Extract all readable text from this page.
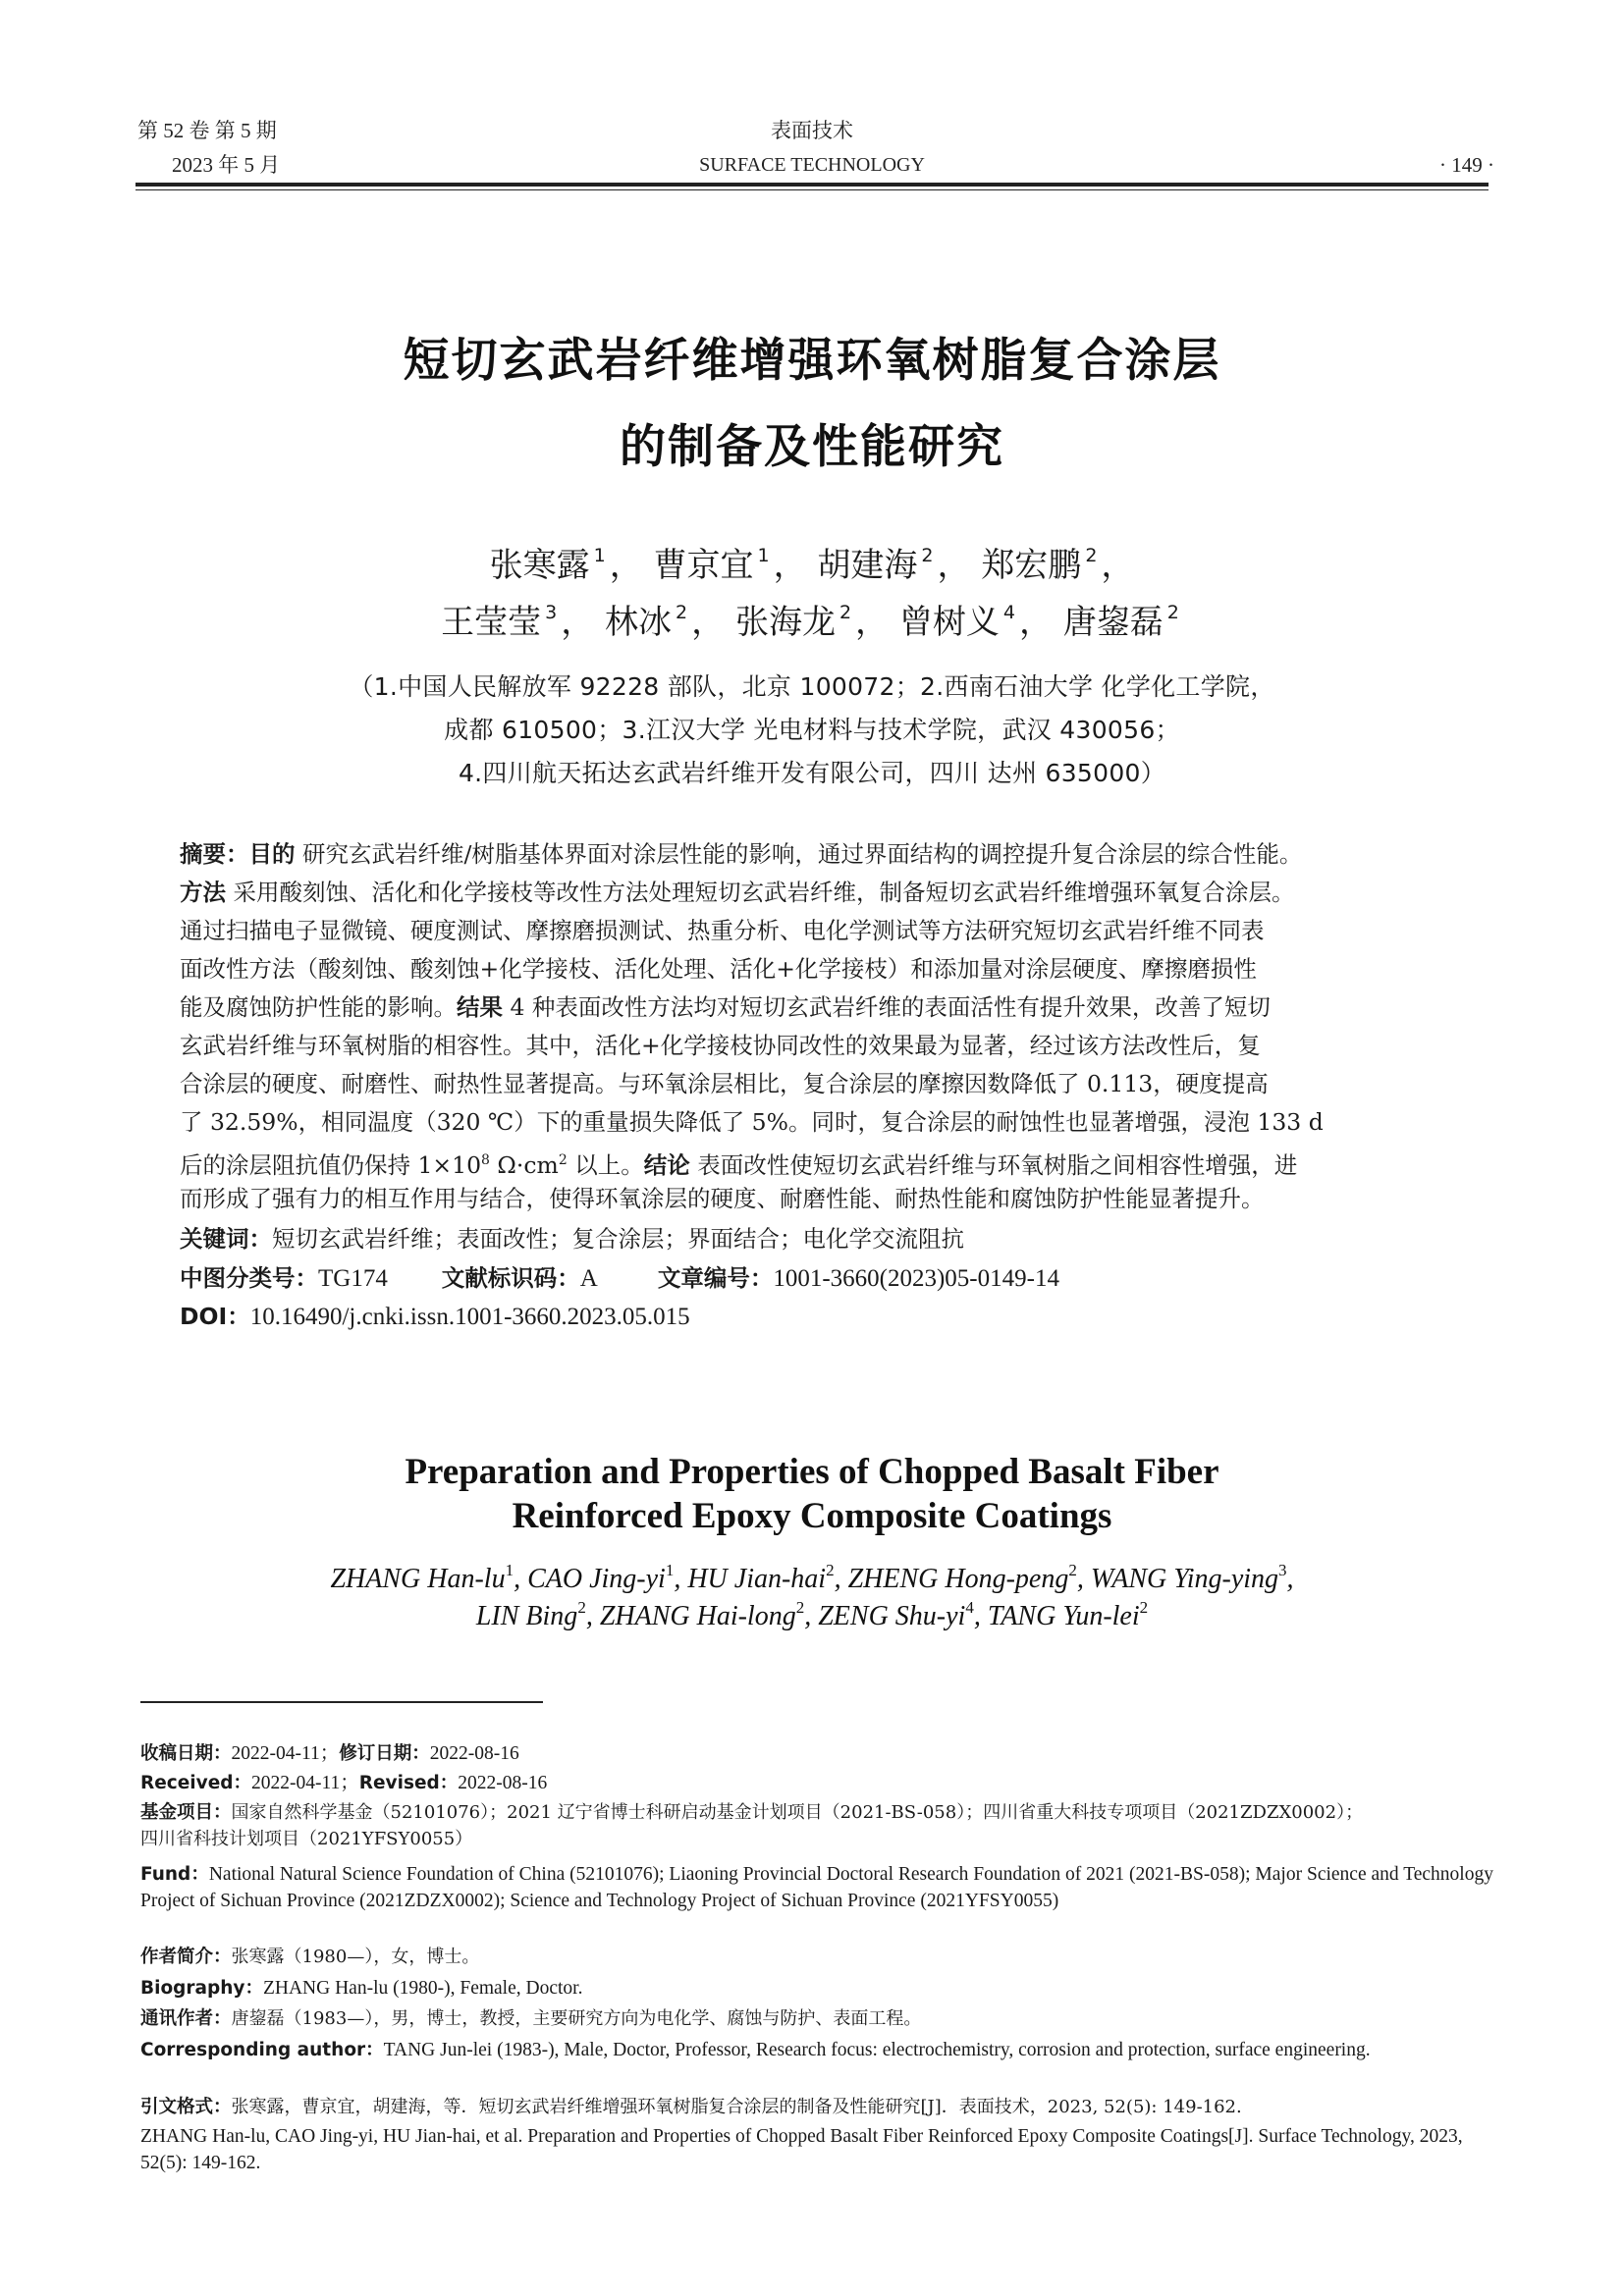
第 52 卷 第 5 期
2023 年 5 月
表面技术
SURFACE TECHNOLOGY	· 149 ·
短切玄武岩纤维增强环氧树脂复合涂层
的制备及性能研究
张寒露 $^1$ ， 曹京宜 $^1$ ， 胡建海 $^2$ ， 郑宏鹏 $^2$ ，
王莹莹 $^3$ ， 林冰 $^2$ ， 张海龙 $^2$ ， 曾树义 $^4$ ， 唐鋆磊 $^2$
（1.中国人民解放军 92228 部队，北京 100072；2.西南石油大学 化学化工学院，
成都 610500；3.江汉大学 光电材料与技术学院，武汉 430056；
4.四川航天拓达玄武岩纤维开发有限公司，四川 达州 635000）
摘要：目的 研究玄武岩纤维/树脂基体界面对涂层性能的影响，通过界面结构的调控提升复合涂层的综合性能。
方法 采用酸刻蚀、活化和化学接枝等改性方法处理短切玄武岩纤维，制备短切玄武岩纤维增强环氧复合涂层。
通过扫描电子显微镜、硬度测试、摩擦磨损测试、热重分析、电化学测试等方法研究短切玄武岩纤维不同表
面改性方法（酸刻蚀、酸刻蚀+化学接枝、活化处理、活化+化学接枝）和添加量对涂层硬度、摩擦磨损性
能及腐蚀防护性能的影响。结果 4 种表面改性方法均对短切玄武岩纤维的表面活性有提升效果，改善了短切
玄武岩纤维与环氧树脂的相容性。其中，活化+化学接枝协同改性的效果最为显著，经过该方法改性后，复
合涂层的硬度、耐磨性、耐热性显著提高。与环氧涂层相比，复合涂层的摩擦因数降低了 0.113，硬度提高
了 32.59%，相同温度（320 ℃）下的重量损失降低了 5%。同时，复合涂层的耐蚀性也显著增强，浸泡 133 d
后的涂层阻抗值仍保持 $1\times 10^8$ $\Omega\cdot cm^2$ 以上。结论 表面改性使短切玄武岩纤维与环氧树脂之间相容性增强，进
而形成了强有力的相互作用与结合，使得环氧涂层的硬度、耐磨性能、耐热性能和腐蚀防护性能显著提升。
关键词：短切玄武岩纤维；表面改性；复合涂层；界面结合；电化学交流阻抗
中图分类号：TG174 文献标识码：A	文章编号：1001-3660(2023)05-0149-14
DOI：10.16490/j.cnki.issn.1001-3660.2023.05.015
Preparation and Properties of Chopped Basalt Fiber
Reinforced Epoxy Composite Coatings
ZHANG Han-$lu^1$, CAO Jing-$yi^1$, HU Jian-hai$^2$, ZHENG Hong-peng$^2$, WANG Ying-ying$^3$,
LIN Bing$^2$, ZHANG Hai-long$^2$, ZENG Shu-$yi^4$, TANG Yun-lei$^2$
收稿日期：2022-04-11；修订日期：2022-08-16
Received：2022-04-11；Revised：2022-08-16
基金项目：国家自然科学基金（52101076）；2021 辽宁省博士科研启动基金计划项目（2021-BS-058）；四川省重大科技专项项目（2021ZDZX0002）；
四川省科技计划项目（2021YFSY0055）
Fund：National Natural Science Foundation of China (52101076); Liaoning Provincial Doctoral Research Foundation of 2021 (2021-BS-058); Major Science and Technology Project of Sichuan Province (2021ZDZX0002); Science and Technology Project of Sichuan Province (2021YFSY0055)
作者简介：张寒露（1980—），女，博士。
Biography：ZHANG Han-lu (1980-), Female, Doctor.
通讯作者：唐鋆磊（1983—），男，博士，教授，主要研究方向为电化学、腐蚀与防护、表面工程。
Corresponding author：TANG Jun-lei (1983-), Male, Doctor, Professor, Research focus: electrochemistry, corrosion and protection, surface engineering.
引文格式：张寒露，曹京宜，胡建海，等．短切玄武岩纤维增强环氧树脂复合涂层的制备及性能研究[J]．表面技术，2023, 52(5): 149-162.
ZHANG Han-lu, CAO Jing-yi, HU Jian-hai, et al. Preparation and Properties of Chopped Basalt Fiber Reinforced Epoxy Composite Coatings[J]. Surface Technology, 2023, 52(5): 149-162.
